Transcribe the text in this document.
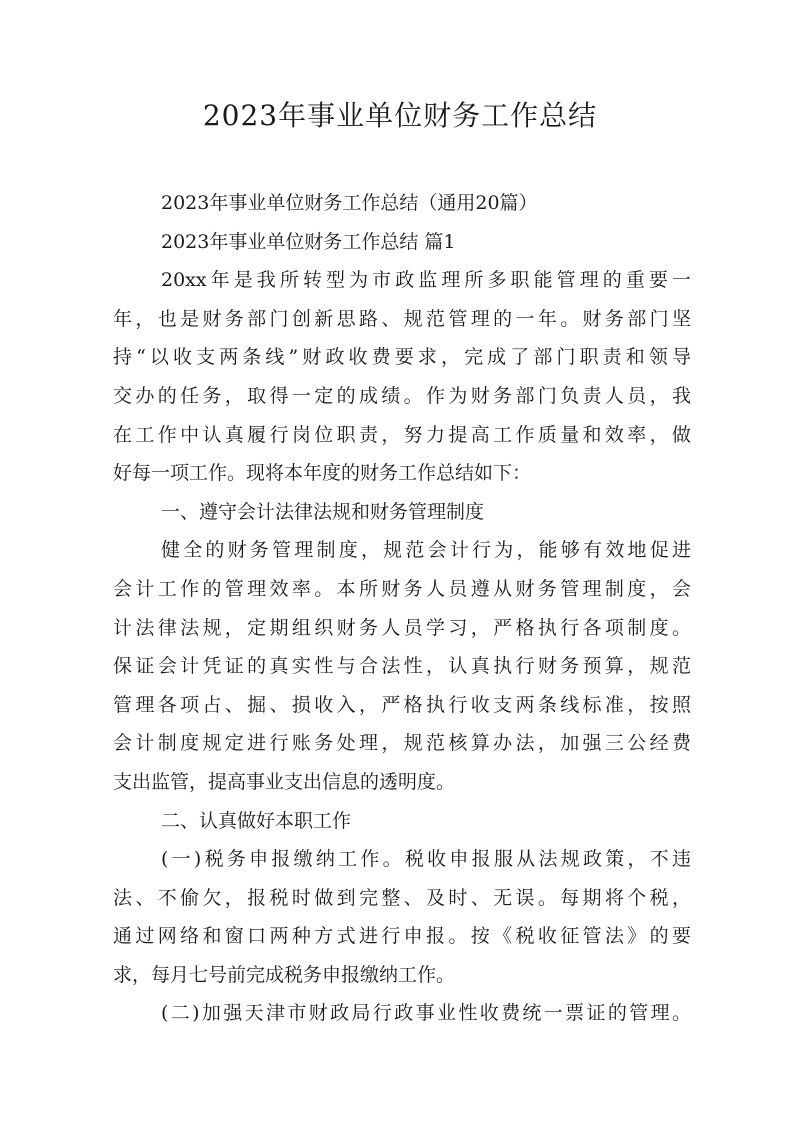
2023年事业单位财务工作总结
2023年事业单位财务工作总结（通用20篇）
2023年事业单位财务工作总结 篇1
20xx年是我所转型为市政监理所多职能管理的重要一
年，也是财务部门创新思路、规范管理的一年。财务部门坚
持“以收支两条线”财政收费要求，完成了部门职责和领导
交办的任务，取得一定的成绩。作为财务部门负责人员，我
在工作中认真履行岗位职责，努力提高工作质量和效率，做
好每一项工作。现将本年度的财务工作总结如下：
一、遵守会计法律法规和财务管理制度
健全的财务管理制度，规范会计行为，能够有效地促进
会计工作的管理效率。本所财务人员遵从财务管理制度，会
计法律法规，定期组织财务人员学习，严格执行各项制度。
保证会计凭证的真实性与合法性，认真执行财务预算，规范
管理各项占、掘、损收入，严格执行收支两条线标准，按照
会计制度规定进行账务处理，规范核算办法，加强三公经费
支出监管，提高事业支出信息的透明度。
二、认真做好本职工作
(一)税务申报缴纳工作。税收申报服从法规政策，不违
法、不偷欠，报税时做到完整、及时、无误。每期将个税，
通过网络和窗口两种方式进行申报。按《税收征管法》的要
求，每月七号前完成税务申报缴纳工作。
(二)加强天津市财政局行政事业性收费统一票证的管理。
